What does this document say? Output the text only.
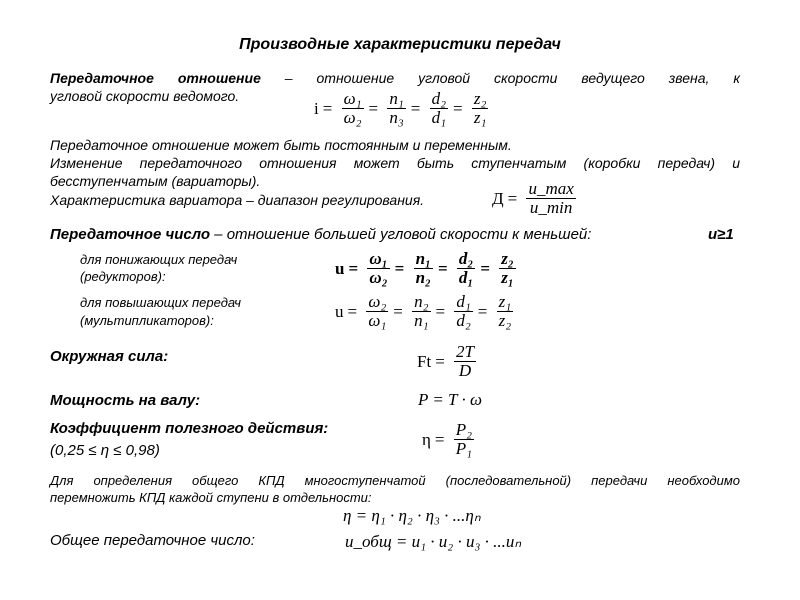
Производные характеристики передач
Передаточное отношение – отношение угловой скорости ведущего звена, к
угловой скорости ведомого.
$i = \frac{\text{ω₁}}{\text{ω₂}} = \frac{\text{n₁}}{\text{n₃}} = \frac{\text{d₂}}{\text{d₁}} = \frac{\text{z₂}}{\text{z₁}}$
Передаточное отношение может быть постоянным и переменным.
Изменение передаточного отношения может быть ступенчатым (коробки передач) и
бесступенчатым (вариаторы).
Характеристика вариатора – диапазон регулирования.	$Д = \frac{u\_\max}{u\_\min}$
Передаточное число – отношение большей угловой скорости к меньшей:	u≥1
для понижающих передач
(редукторов):
для повышающих передач
(мультипликаторов):
$u = \frac{\text{ω₁}}{\text{ω₂}} = \frac{\text{n₁}}{\text{n₂}} = \frac{\text{d₂}}{\text{d₁}} = \frac{\text{z₂}}{\text{z₁}}$
$u = \frac{\text{ω₂}}{\text{ω₁}} = \frac{\text{n₂}}{\text{n₁}} = \frac{\text{d₁}}{\text{d₂}} = \frac{\text{z₁}}{\text{z₂}}$
Окружная сила:	$Ft = \frac{2T}{D}$
Мощность на валу:	P = T · ω
Коэффициент полезного действия:
(0,25 ≤ η ≤ 0,98)
$\eta = \frac{\text{P₂}}{\text{P₁}}$
Для определения общего КПД многоступенчатой (последовательной) передачи необходимо
перемножить КПД каждой ступени в отдельности:
η = η₁ · η₂ · η₃ · ...ηₙ
Общее передаточное число:	u_общ = u₁ · u₂ · u₃ · ...uₙ
